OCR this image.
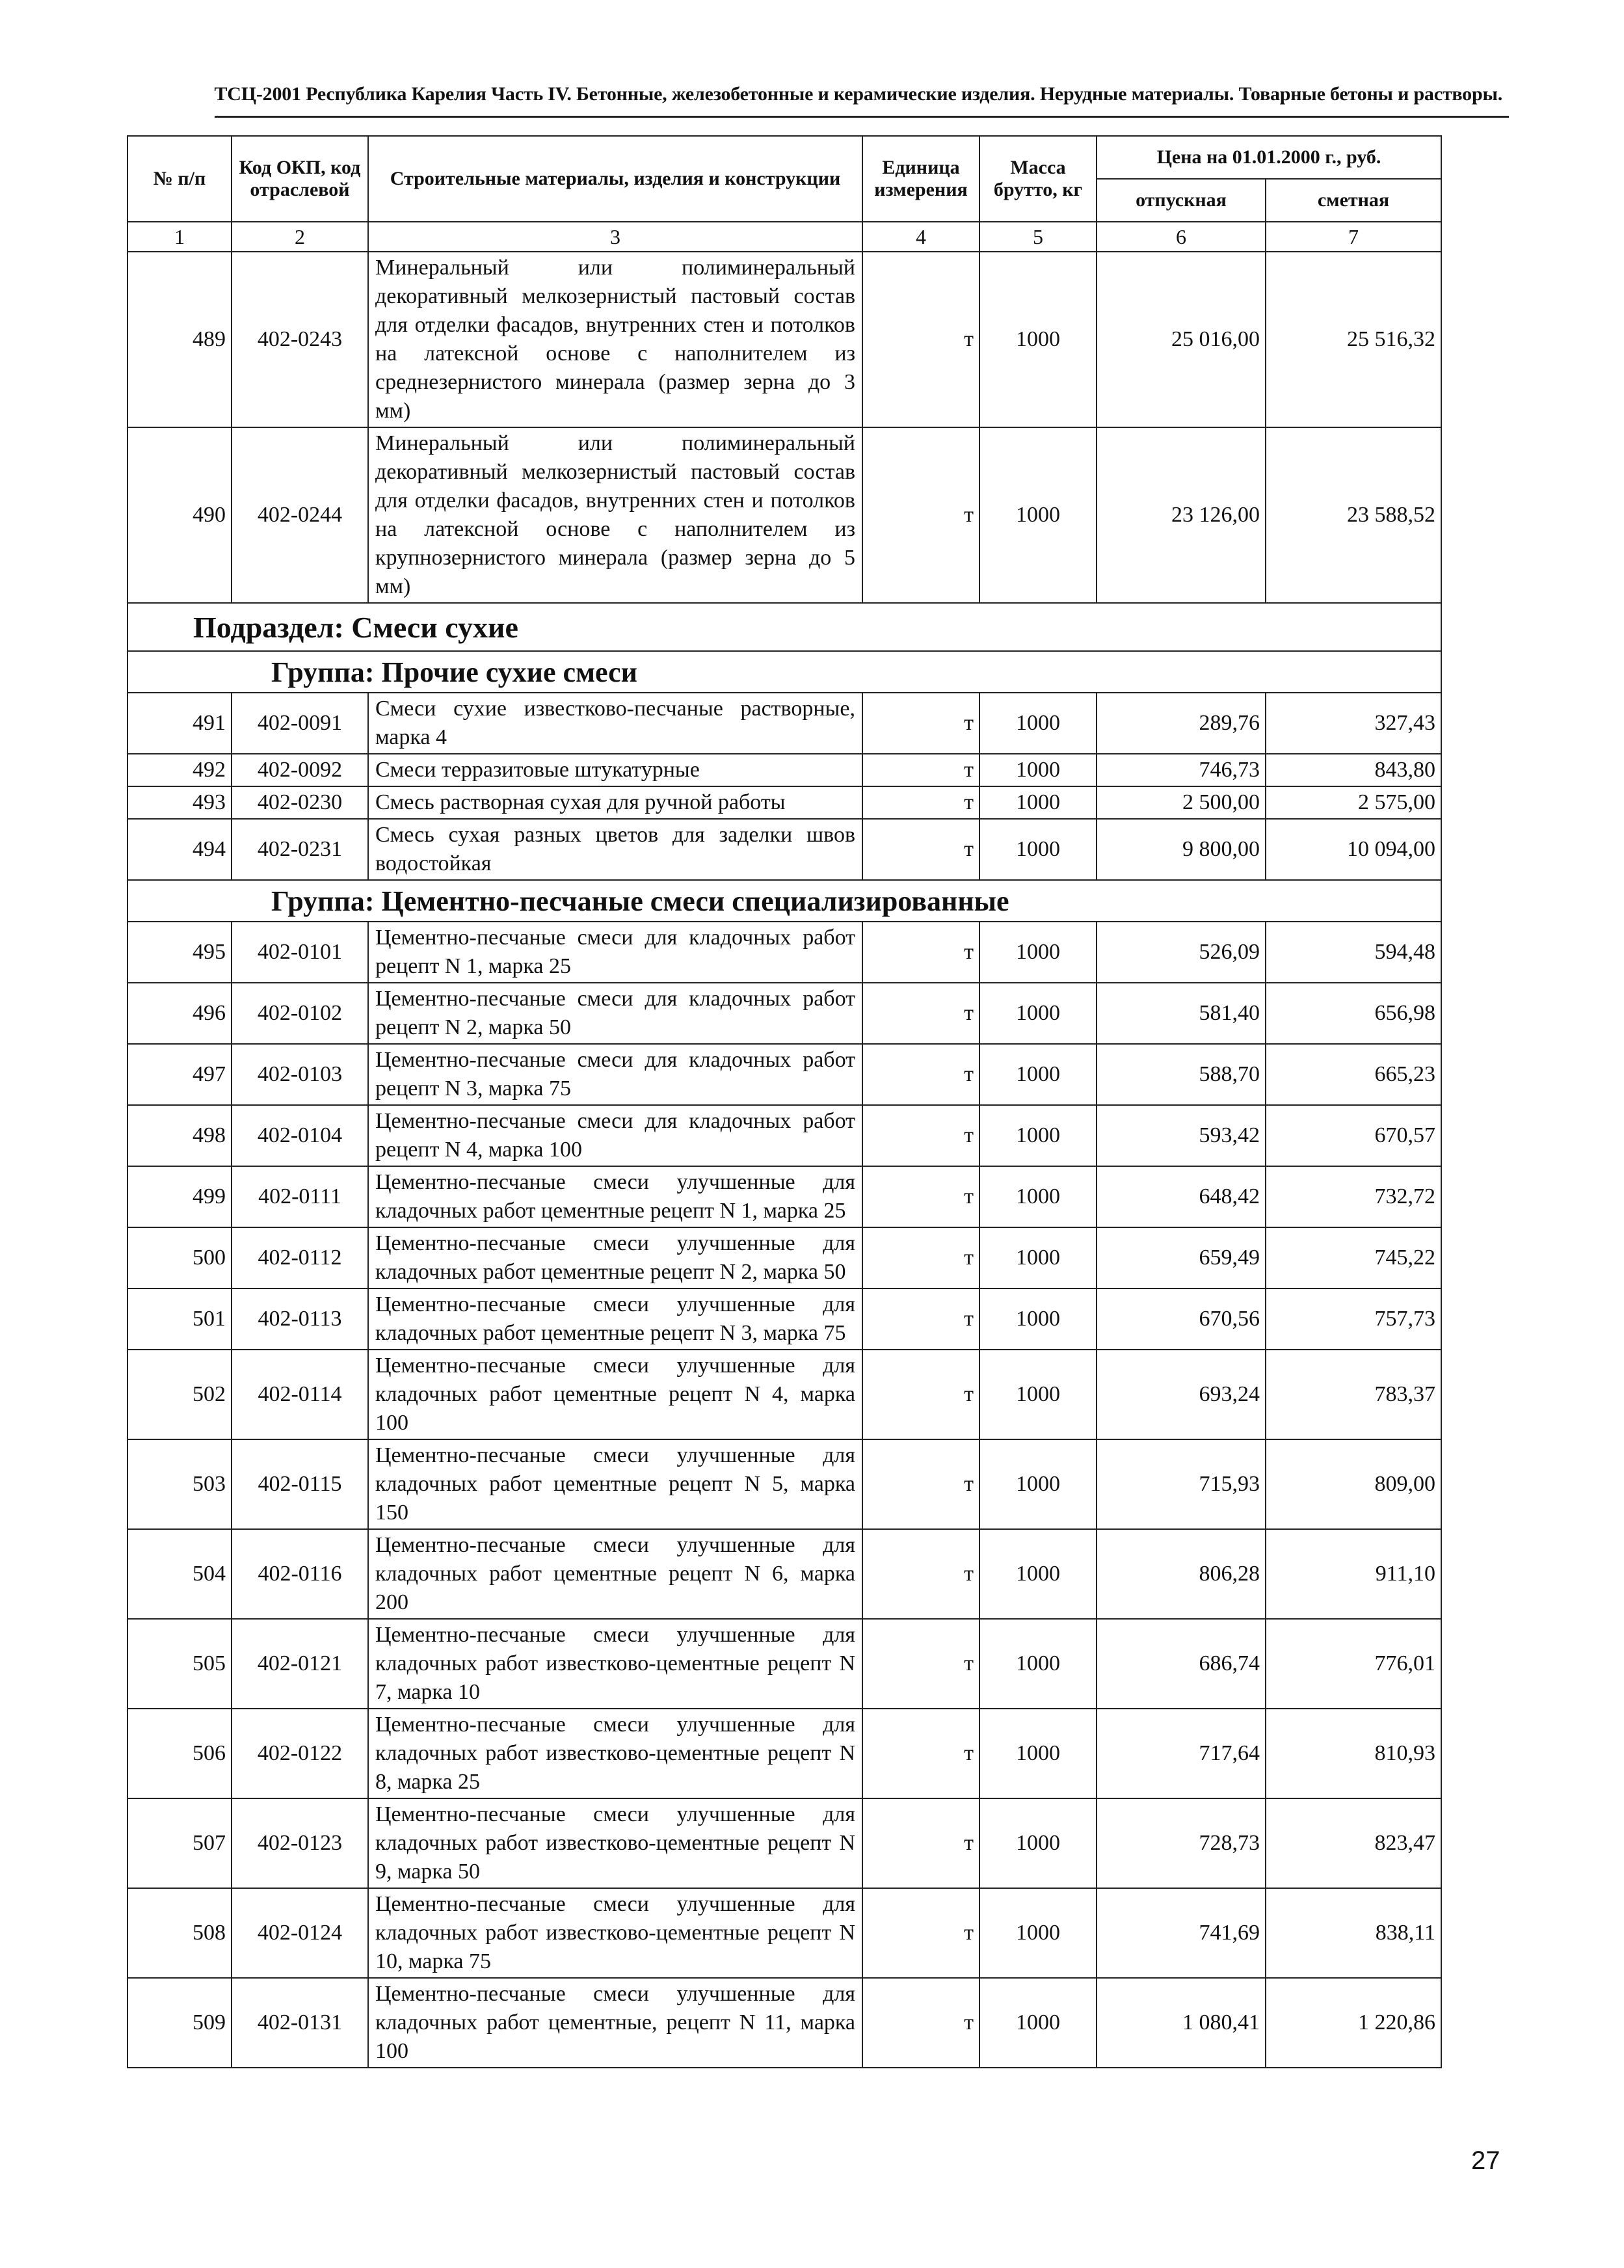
ТСЦ-2001 Республика Карелия Часть IV. Бетонные, железобетонные и керамические изделия. Нерудные материалы. Товарные бетоны и растворы.
№ п/п	Код ОКП, код отраслевой	Строительные материалы, изделия и конструкции	Единица измерения	Масса брутто, кг	Цена на 01.01.2000 г., руб.	
					отпускная	сметная
1	2	3	4	5	6	7
489	402-0243	Минеральный или полиминеральный декоративный мелкозернистый пастовый состав для отделки фасадов, внутренних стен и потолков на латексной основе с наполнителем из среднезернистого минерала (размер зерна до 3 мм)	т	1000	25 016,00	25 516,32
490	402-0244	Минеральный или полиминеральный декоративный мелкозернистый пастовый состав для отделки фасадов, внутренних стен и потолков на латексной основе с наполнителем из крупнозернистого минерала (размер зерна до 5 мм)	т	1000	23 126,00	23 588,52
Подраздел: Смеси сухие						
Группа: Прочие сухие смеси						
491	402-0091	Смеси сухие известково-песчаные растворные, марка 4	т	1000	289,76	327,43
492	402-0092	Смеси терразитовые штукатурные	т	1000	746,73	843,80
493	402-0230	Смесь растворная сухая для ручной работы	т	1000	2 500,00	2 575,00
494	402-0231	Смесь сухая разных цветов для заделки швов водостойкая	т	1000	9 800,00	10 094,00
Группа: Цементно-песчаные смеси специализированные						
495	402-0101	Цементно-песчаные смеси для кладочных работ рецепт N 1, марка 25	т	1000	526,09	594,48
496	402-0102	Цементно-песчаные смеси для кладочных работ рецепт N 2, марка 50	т	1000	581,40	656,98
497	402-0103	Цементно-песчаные смеси для кладочных работ рецепт N 3, марка 75	т	1000	588,70	665,23
498	402-0104	Цементно-песчаные смеси для кладочных работ рецепт N 4, марка 100	т	1000	593,42	670,57
499	402-0111	Цементно-песчаные смеси улучшенные для кладочных работ цементные рецепт N 1, марка 25	т	1000	648,42	732,72
500	402-0112	Цементно-песчаные смеси улучшенные для кладочных работ цементные рецепт N 2, марка 50	т	1000	659,49	745,22
501	402-0113	Цементно-песчаные смеси улучшенные для кладочных работ цементные рецепт N 3, марка 75	т	1000	670,56	757,73
502	402-0114	Цементно-песчаные смеси улучшенные для кладочных работ цементные рецепт N 4, марка 100	т	1000	693,24	783,37
503	402-0115	Цементно-песчаные смеси улучшенные для кладочных работ цементные рецепт N 5, марка 150	т	1000	715,93	809,00
504	402-0116	Цементно-песчаные смеси улучшенные для кладочных работ цементные рецепт N 6, марка 200	т	1000	806,28	911,10
505	402-0121	Цементно-песчаные смеси улучшенные для кладочных работ известково-цементные рецепт N 7, марка 10	т	1000	686,74	776,01
506	402-0122	Цементно-песчаные смеси улучшенные для кладочных работ известково-цементные рецепт N 8, марка 25	т	1000	717,64	810,93
507	402-0123	Цементно-песчаные смеси улучшенные для кладочных работ известково-цементные рецепт N 9, марка 50	т	1000	728,73	823,47
508	402-0124	Цементно-песчаные смеси улучшенные для кладочных работ известково-цементные рецепт N 10, марка 75	т	1000	741,69	838,11
509	402-0131	Цементно-песчаные смеси улучшенные для кладочных работ цементные, рецепт N 11, марка 100	т	1000	1 080,41	1 220,86
27
